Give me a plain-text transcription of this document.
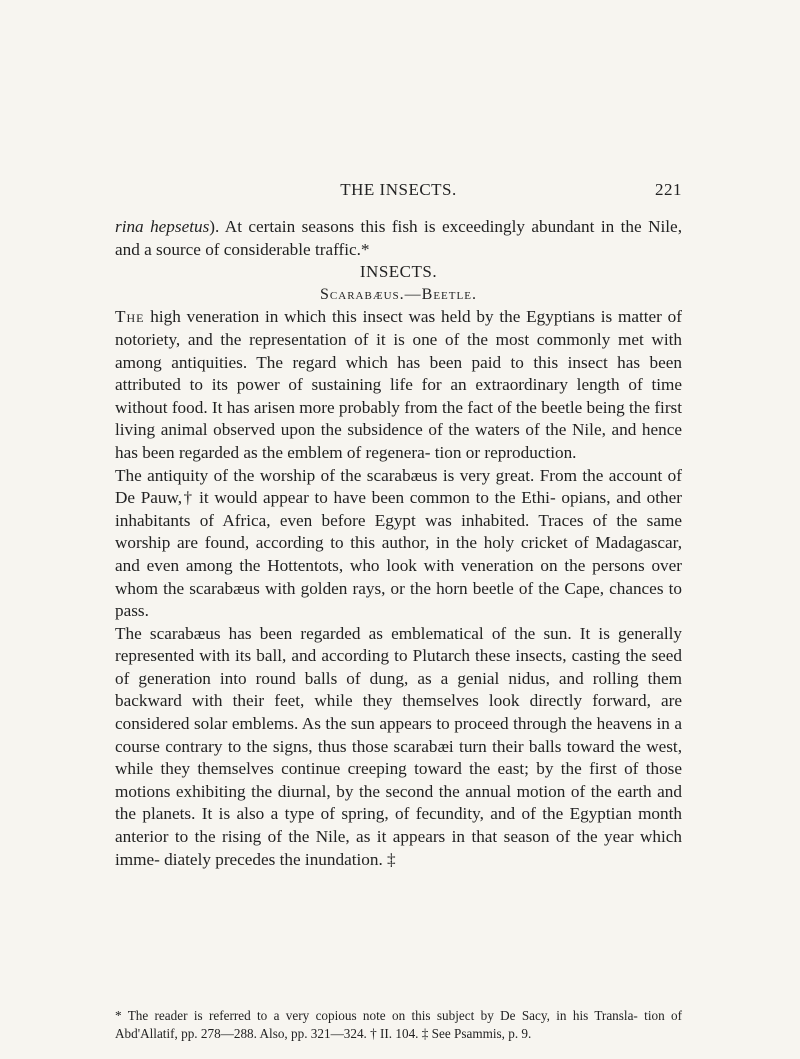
THE INSECTS.	221

rina hepsetus). At certain seasons this fish is exceedingly abundant in the Nile, and a source of considerable traffic.*

INSECTS.

Scarabæus.—Beetle.

The high veneration in which this insect was held by the Egyptians is matter of notoriety, and the representation of it is one of the most commonly met with among antiquities. The regard which has been paid to this insect has been attributed to its power of sustaining life for an extraordinary length of time without food. It has arisen more probably from the fact of the beetle being the first living animal observed upon the subsidence of the waters of the Nile, and hence has been regarded as the emblem of regenera- tion or reproduction.

The antiquity of the worship of the scarabæus is very great. From the account of De Pauw,† it would appear to have been common to the Ethi- opians, and other inhabitants of Africa, even before Egypt was inhabited. Traces of the same worship are found, according to this author, in the holy cricket of Madagascar, and even among the Hottentots, who look with veneration on the persons over whom the scarabæus with golden rays, or the horn beetle of the Cape, chances to pass.

The scarabæus has been regarded as emblematical of the sun. It is generally represented with its ball, and according to Plutarch these insects, casting the seed of generation into round balls of dung, as a genial nidus, and rolling them backward with their feet, while they themselves look directly forward, are considered solar emblems. As the sun appears to proceed through the heavens in a course contrary to the signs, thus those scarabæi turn their balls toward the west, while they themselves continue creeping toward the east; by the first of those motions exhibiting the diurnal, by the second the annual motion of the earth and the planets. It is also a type of spring, of fecundity, and of the Egyptian month anterior to the rising of the Nile, as it appears in that season of the year which imme- diately precedes the inundation. ‡

* The reader is referred to a very copious note on this subject by De Sacy, in his Transla- tion of Abd'Allatif, pp. 278—288. Also, pp. 321—324. † II. 104. ‡ See Psammis, p. 9.
